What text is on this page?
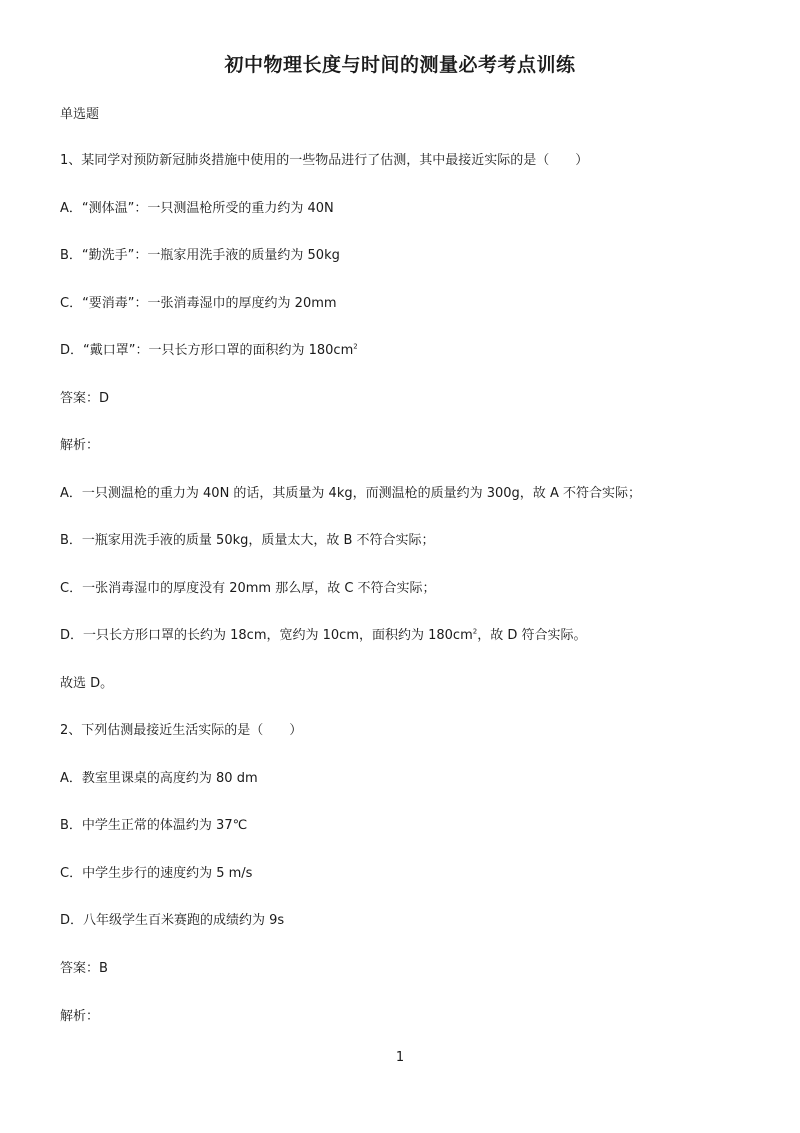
初中物理长度与时间的测量必考考点训练
单选题
1、某同学对预防新冠肺炎措施中使用的一些物品进行了估测，其中最接近实际的是（　　）
A．“测体温”：一只测温枪所受的重力约为 40N
B．“勤洗手”：一瓶家用洗手液的质量约为 50kg
C．“要消毒”：一张消毒湿巾的厚度约为 20mm
D．“戴口罩”：一只长方形口罩的面积约为 $180cm^2$
答案：D
解析：
A．一只测温枪的重力为 40N 的话，其质量为 4kg，而测温枪的质量约为 300g，故 A 不符合实际；
B．一瓶家用洗手液的质量 50kg，质量太大，故 B 不符合实际；
C．一张消毒湿巾的厚度没有 20mm 那么厚，故 C 不符合实际；
D．一只长方形口罩的长约为 18cm，宽约为 10cm，面积约为 $180cm^2$，故 D 符合实际。
故选 D。
2、下列估测最接近生活实际的是（　　）
A．教室里课桌的高度约为 80 dm
B．中学生正常的体温约为 37℃
C．中学生步行的速度约为 5 m/s
D．八年级学生百米赛跑的成绩约为 9s
答案：B
解析：
1
